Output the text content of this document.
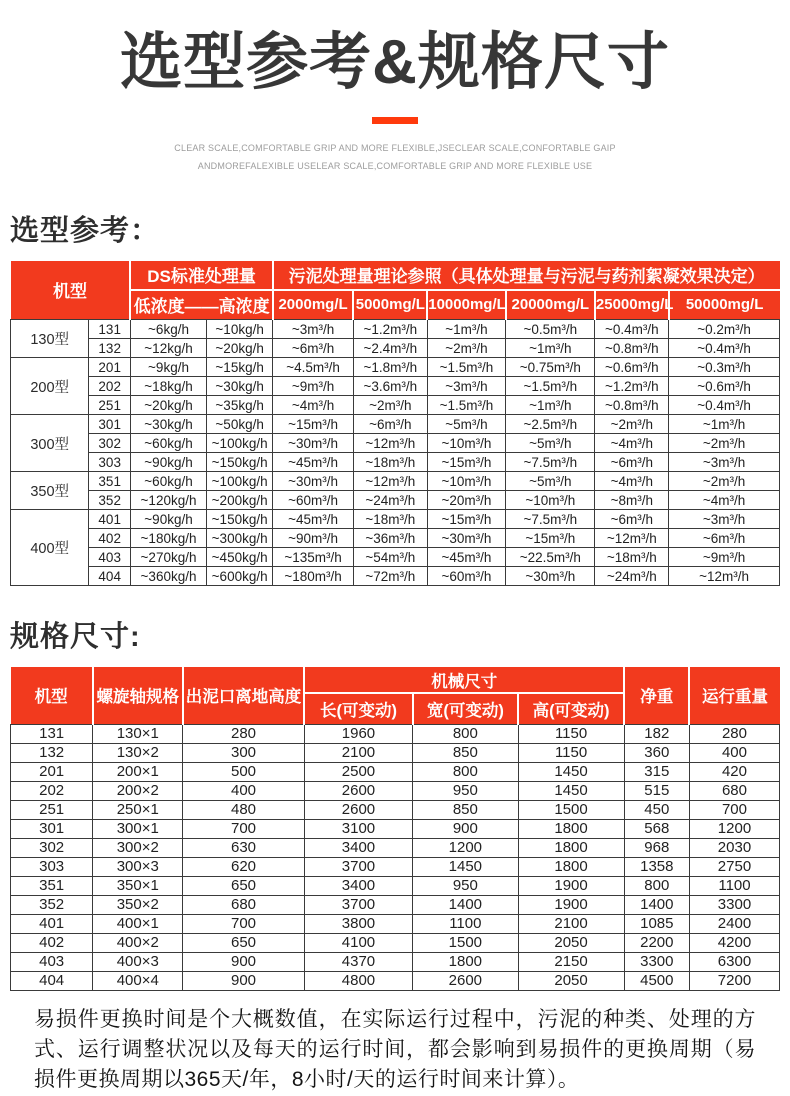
选型参考&规格尺寸
CLEAR SCALE,COMFORTABLE GRIP AND MORE FLEXIBLE,JSECLEAR SCALE,CONFORTABLE GAIP
ANDMOREFALEXIBLE USELEAR SCALE,COMFORTABLE GRIP AND MORE FLEXIBLE USE
选型参考：
机型		DS标准处理量		污泥处理量理论参照（具体处理量与污泥与药剂絮凝效果决定）					
		低浓度——高浓度		2000mg/L	5000mg/L	10000mg/L	20000mg/L	25000mg/L	50000mg/L
130型	131	~6kg/h	~10kg/h	~3m³/h	~1.2m³/h	~1m³/h	~0.5m³/h	~0.4m³/h	~0.2m³/h
	132	~12kg/h	~20kg/h	~6m³/h	~2.4m³/h	~2m³/h	~1m³/h	~0.8m³/h	~0.4m³/h
200型	201	~9kg/h	~15kg/h	~4.5m³/h	~1.8m³/h	~1.5m³/h	~0.75m³/h	~0.6m³/h	~0.3m³/h
	202	~18kg/h	~30kg/h	~9m³/h	~3.6m³/h	~3m³/h	~1.5m³/h	~1.2m³/h	~0.6m³/h
	251	~20kg/h	~35kg/h	~4m³/h	~2m³/h	~1.5m³/h	~1m³/h	~0.8m³/h	~0.4m³/h
300型	301	~30kg/h	~50kg/h	~15m³/h	~6m³/h	~5m³/h	~2.5m³/h	~2m³/h	~1m³/h
	302	~60kg/h	~100kg/h	~30m³/h	~12m³/h	~10m³/h	~5m³/h	~4m³/h	~2m³/h
	303	~90kg/h	~150kg/h	~45m³/h	~18m³/h	~15m³/h	~7.5m³/h	~6m³/h	~3m³/h
350型	351	~60kg/h	~100kg/h	~30m³/h	~12m³/h	~10m³/h	~5m³/h	~4m³/h	~2m³/h
	352	~120kg/h	~200kg/h	~60m³/h	~24m³/h	~20m³/h	~10m³/h	~8m³/h	~4m³/h
400型	401	~90kg/h	~150kg/h	~45m³/h	~18m³/h	~15m³/h	~7.5m³/h	~6m³/h	~3m³/h
	402	~180kg/h	~300kg/h	~90m³/h	~36m³/h	~30m³/h	~15m³/h	~12m³/h	~6m³/h
	403	~270kg/h	~450kg/h	~135m³/h	~54m³/h	~45m³/h	~22.5m³/h	~18m³/h	~9m³/h
	404	~360kg/h	~600kg/h	~180m³/h	~72m³/h	~60m³/h	~30m³/h	~24m³/h	~12m³/h
规格尺寸:
机型	螺旋轴规格	出泥口离地高度	机械尺寸			净重	运行重量
			长(可变动)	宽(可变动)	高(可变动)		
131	130×1	280	1960	800	1150	182	280
132	130×2	300	2100	850	1150	360	400
201	200×1	500	2500	800	1450	315	420
202	200×2	400	2600	950	1450	515	680
251	250×1	480	2600	850	1500	450	700
301	300×1	700	3100	900	1800	568	1200
302	300×2	630	3400	1200	1800	968	2030
303	300×3	620	3700	1450	1800	1358	2750
351	350×1	650	3400	950	1900	800	1100
352	350×2	680	3700	1400	1900	1400	3300
401	400×1	700	3800	1100	2100	1085	2400
402	400×2	650	4100	1500	2050	2200	4200
403	400×3	900	4370	1800	2150	3300	6300
404	400×4	900	4800	2600	2050	4500	7200
易损件更换时间是个大概数值，在实际运行过程中，污泥的种类、处理的方式、运行调整状况以及每天的运行时间，都会影响到易损件的更换周期（易损件更换周期以365天/年，8小时/天的运行时间来计算）。
